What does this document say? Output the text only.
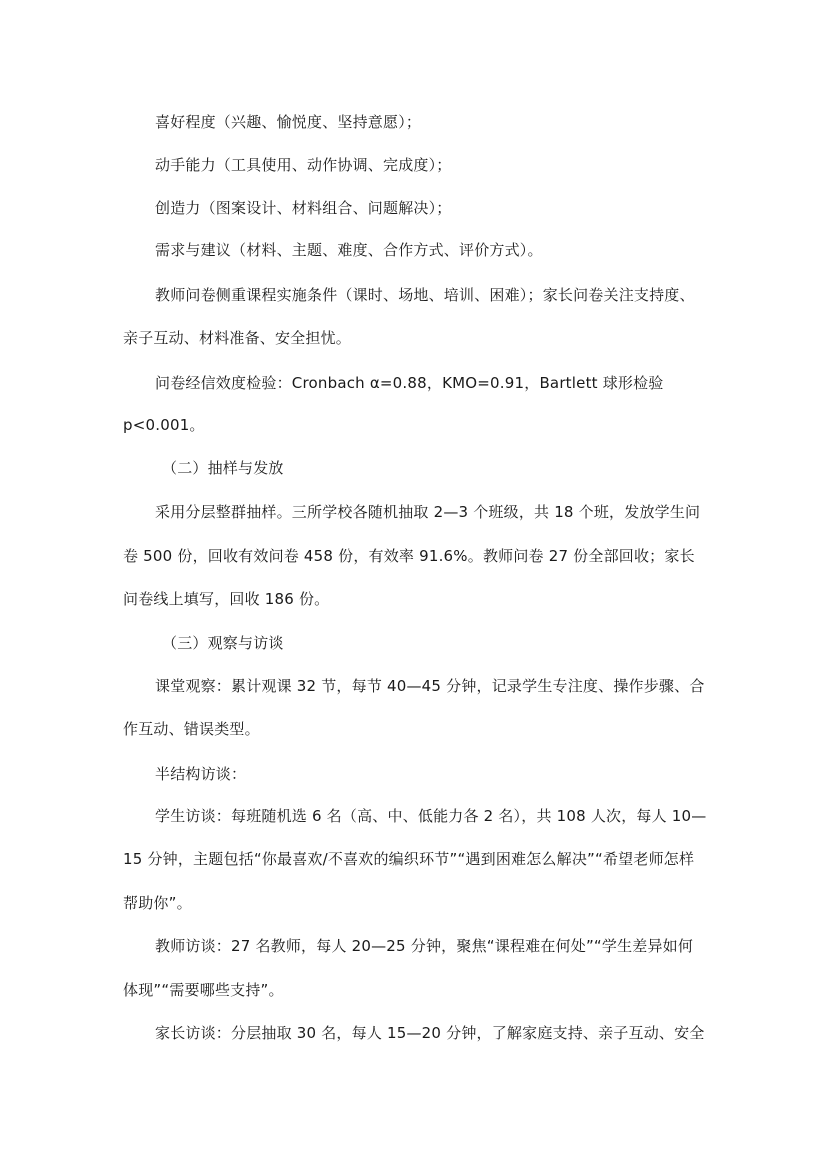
喜好程度（兴趣、愉悦度、坚持意愿）；
动手能力（工具使用、动作协调、完成度）；
创造力（图案设计、材料组合、问题解决）；
需求与建议（材料、主题、难度、合作方式、评价方式）。
教师问卷侧重课程实施条件（课时、场地、培训、困难）；家长问卷关注支持度、
亲子互动、材料准备、安全担忧。
问卷经信效度检验：Cronbach α=0.88，KMO=0.91，Bartlett 球形检验
p<0.001。
（二）抽样与发放
采用分层整群抽样。三所学校各随机抽取 2—3 个班级，共 18 个班，发放学生问
卷 500 份，回收有效问卷 458 份，有效率 91.6%。教师问卷 27 份全部回收；家长
问卷线上填写，回收 186 份。
（三）观察与访谈
课堂观察：累计观课 32 节，每节 40—45 分钟，记录学生专注度、操作步骤、合
作互动、错误类型。
半结构访谈：
学生访谈：每班随机选 6 名（高、中、低能力各 2 名），共 108 人次，每人 10—
15 分钟，主题包括“你最喜欢/不喜欢的编织环节”“遇到困难怎么解决”“希望老师怎样
帮助你”。
教师访谈：27 名教师，每人 20—25 分钟，聚焦“课程难在何处”“学生差异如何
体现”“需要哪些支持”。
家长访谈：分层抽取 30 名，每人 15—20 分钟，了解家庭支持、亲子互动、安全
